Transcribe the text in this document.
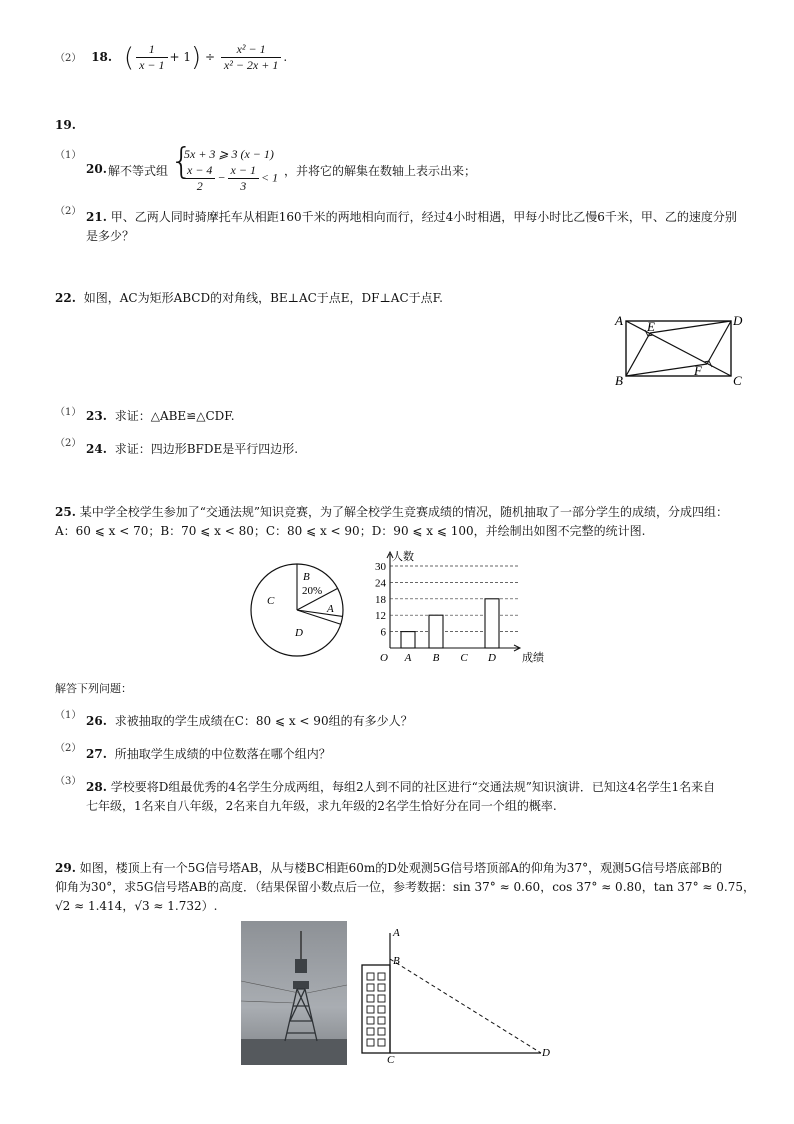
（2） 18. ( $\frac{1}{x - 1} + 1) \div \frac{\text{x² − 1}}{\text{x² − 2x + 1}}$ .
19.
（1）
20. 解不等式组 {
5x + 3 ⩾ 3 (x − 1)
$\frac{x - 4}{2} - \frac{x - 1}{3} < 1$ ，并将它的解集在数轴上表示出来；
（2） 21. 甲、乙两人同时骑摩托车从相距160千米的两地相向而行，经过4小时相遇，甲每小时比乙慢6千米，甲、乙的速度分别
是多少？
22. 如图，AC为矩形ABCD的对角线，BE⊥AC于点E，DF⊥AC于点F.
A	D
B	C
E
F
（1） 23. 求证：△ABE≌△CDF.
（2） 24. 求证：四边形BFDE是平行四边形.
25. 某中学全校学生参加了“交通法规”知识竞赛，为了解全校学生竞赛成绩的情况，随机抽取了一部分学生的成绩，分成四组：
A：60 ⩽ x < 70；B：70 ⩽ x < 80；C：80 ⩽ x < 90；D：90 ⩽ x ⩽ 100，并绘制出如图不完整的统计图.
B
C
A
D
20%
6
12
18
24
30
A B C D
O
人数
成绩
解答下列问题：
（1） 26. 求被抽取的学生成绩在C：80 ⩽ x < 90组的有多少人？
（2） 27. 所抽取学生成绩的中位数落在哪个组内？
（3） 28. 学校要将D组最优秀的4名学生分成两组，每组2人到不同的社区进行“交通法规”知识演讲．已知这4名学生1名来自
七年级，1名来自八年级，2名来自九年级，求九年级的2名学生恰好分在同一个组的概率.
29. 如图，楼顶上有一个5G信号塔AB，从与楼BC相距60m的D处观测5G信号塔顶部A的仰角为37°，观测5G信号塔底部B的
仰角为30°，求5G信号塔AB的高度．（结果保留小数点后一位，参考数据：sin 37° ≈ 0.60，cos 37° ≈ 0.80，tan 37° ≈ 0.75，
√2 ≈ 1.414，√3 ≈ 1.732）.
A
B
C
D
